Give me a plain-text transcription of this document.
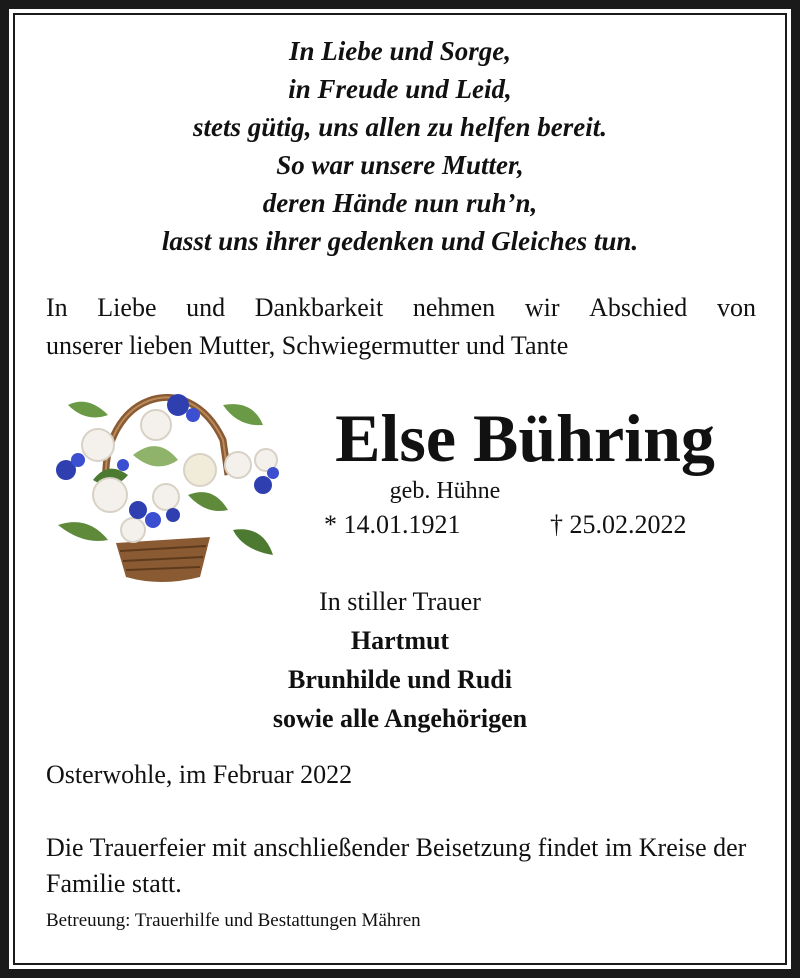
In Liebe und Sorge,
in Freude und Leid,
stets gütig, uns allen zu helfen bereit.
So war unsere Mutter,
deren Hände nun ruh’n,
lasst uns ihrer gedenken und Gleiches tun.
In Liebe und Dankbarkeit nehmen wir Abschied von
unserer lieben Mutter, Schwiegermutter und Tante
Else Bühring
geb. Hühne
* 14.01.1921	† 25.02.2022
In stiller Trauer
Hartmut
Brunhilde und Rudi
sowie alle Angehörigen
Osterwohle, im Februar 2022
Die Trauerfeier mit anschließender Beisetzung findet im Kreise der Familie statt.
Betreuung: Trauerhilfe und Bestattungen Mähren
